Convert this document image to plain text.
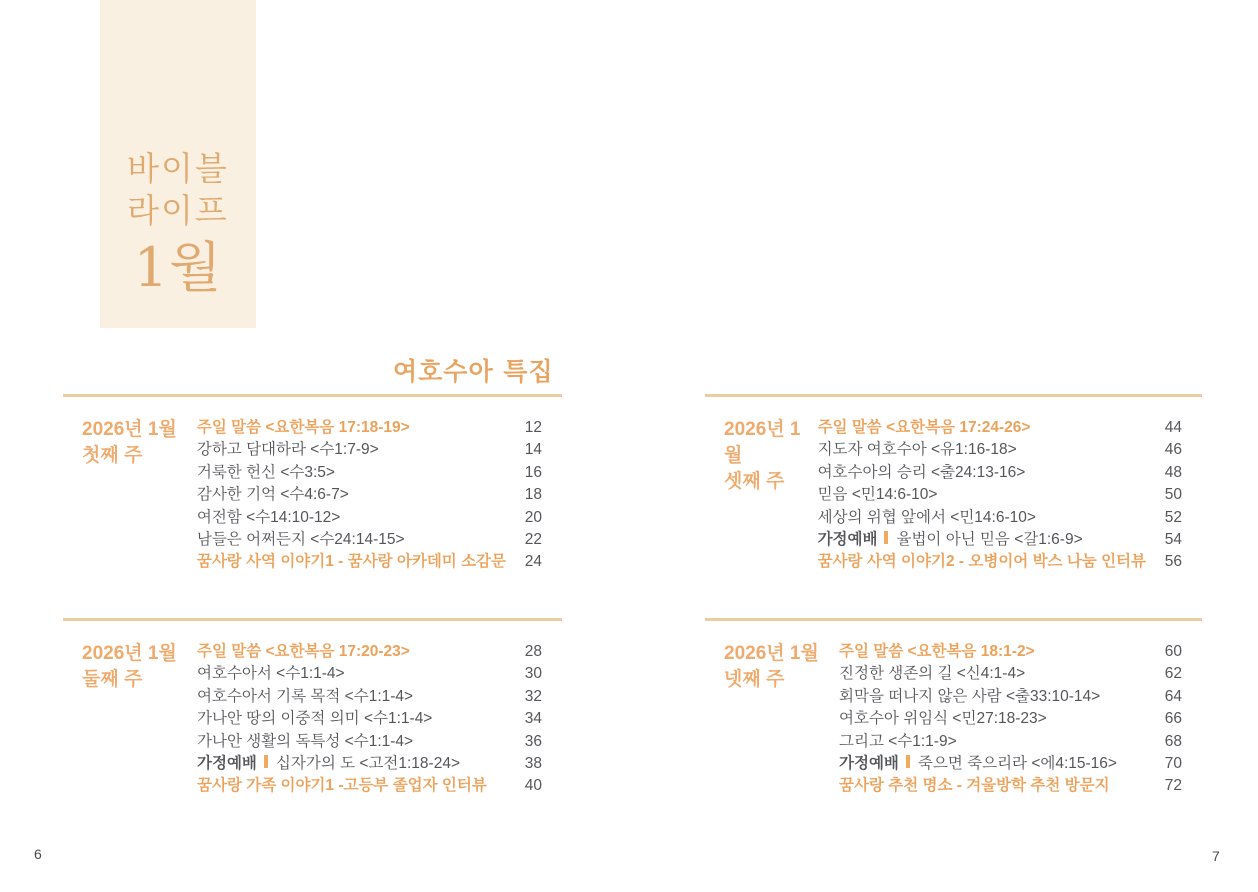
바이블
라이프
1월
여호수아 특집
2026년 1월
첫째 주
주일 말씀 <요한복음 17:18-19>	12
강하고 담대하라 <수1:7-9>	14
거룩한 헌신 <수3:5>	16
감사한 기억 <수4:6-7>	18
여전함 <수14:10-12>	20
남들은 어쩌든지 <수24:14-15>	22
꿈사랑 사역 이야기1 - 꿈사랑 아카데미 소감문	24
2026년 1월
둘째 주
주일 말씀 <요한복음 17:20-23>	28
여호수아서 <수1:1-4>	30
여호수아서 기록 목적 <수1:1-4>	32
가나안 땅의 이중적 의미 <수1:1-4>	34
가나안 생활의 독특성 <수1:1-4>	36
가정예배 십자가의 도 <고전1:18-24>	38
꿈사랑 가족 이야기1 -고등부 졸업자 인터뷰	40
2026년 1월
셋째 주
주일 말씀 <요한복음 17:24-26>	44
지도자 여호수아 <유1:16-18>	46
여호수아의 승리 <출24:13-16>	48
믿음 <민14:6-10>	50
세상의 위협 앞에서 <민14:6-10>	52
가정예배 율법이 아닌 믿음 <갈1:6-9>	54
꿈사랑 사역 이야기2 - 오병이어 박스 나눔 인터뷰	56
2026년 1월
넷째 주
주일 말씀 <요한복음 18:1-2>	60
진정한 생존의 길 <신4:1-4>	62
회막을 떠나지 않은 사람 <출33:10-14>	64
여호수아 위임식 <민27:18-23>	66
그리고 <수1:1-9>	68
가정예배 죽으면 죽으리라 <에4:15-16>	70
꿈사랑 추천 명소 - 겨울방학 추천 방문지	72
6	7
